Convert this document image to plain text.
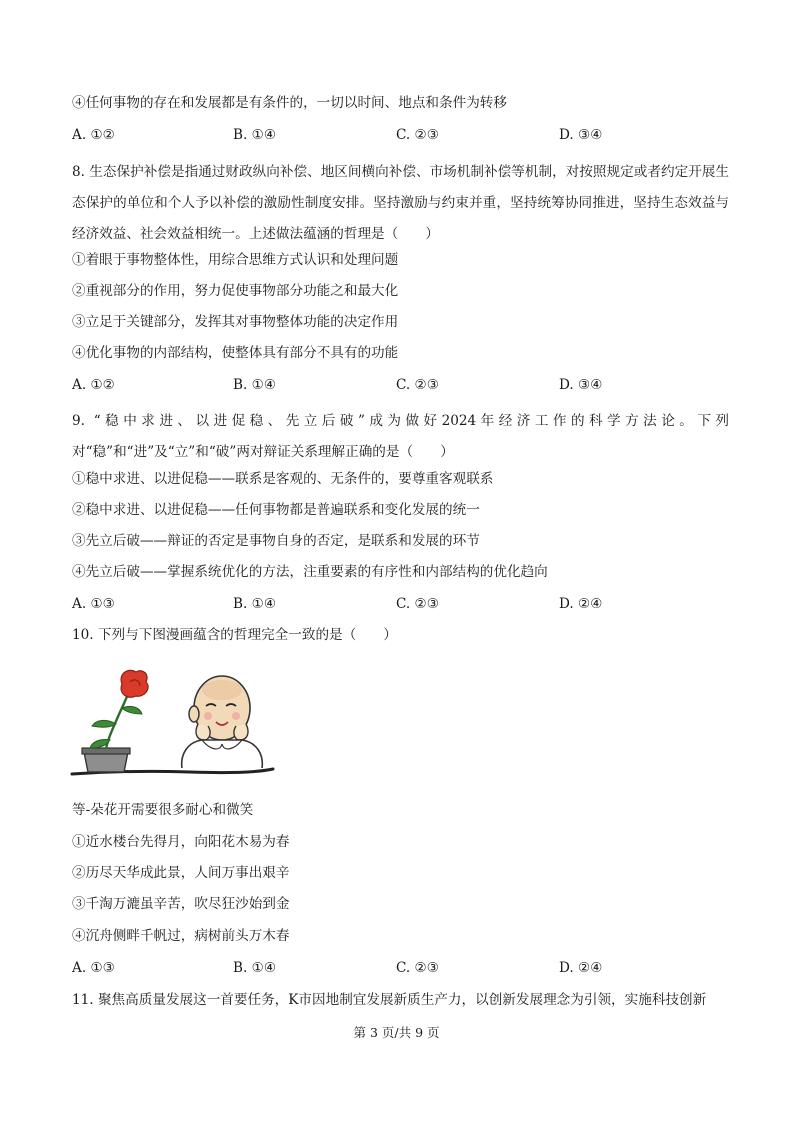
④任何事物的存在和发展都是有条件的，一切以时间、地点和条件为转移
A. ①②	B. ①④	C. ②③	D. ③④
8. 生态保护补偿是指通过财政纵向补偿、地区间横向补偿、市场机制补偿等机制，对按照规定或者约定开展生态保护的单位和个人予以补偿的激励性制度安排。坚持激励与约束并重，坚持统筹协同推进，坚持生态效益与经济效益、社会效益相统一。上述做法蕴涵的哲理是（　　）
①着眼于事物整体性，用综合思维方式认识和处理问题
②重视部分的作用，努力促使事物部分功能之和最大化
③立足于关键部分，发挥其对事物整体功能的决定作用
④优化事物的内部结构，使整体具有部分不具有的功能
A. ①②	B. ①④	C. ②③	D. ③④
9. “稳中求进、以进促稳、先立后破”成为做好2024年经济工作的科学方法论。下列对“稳”和“进”及“立”和“破”两对辩证关系理解正确的是（　　）
①稳中求进、以进促稳——联系是客观的、无条件的，要尊重客观联系
②稳中求进、以进促稳——任何事物都是普遍联系和变化发展的统一
③先立后破——辩证的否定是事物自身的否定，是联系和发展的环节
④先立后破——掌握系统优化的方法，注重要素的有序性和内部结构的优化趋向
A. ①③	B. ①④	C. ②③	D. ②④
10. 下列与下图漫画蕴含的哲理完全一致的是（　　）
等-朵花开需要很多耐心和微笑
①近水楼台先得月，向阳花木易为春
②历尽天华成此景，人间万事出艰辛
③千淘万漉虽辛苦，吹尽狂沙始到金
④沉舟侧畔千帆过，病树前头万木春
A. ①③	B. ①④	C. ②③	D. ②④
11. 聚焦高质量发展这一首要任务，K市因地制宜发展新质生产力，以创新发展理念为引领，实施科技创新
第 3 页/共 9 页
